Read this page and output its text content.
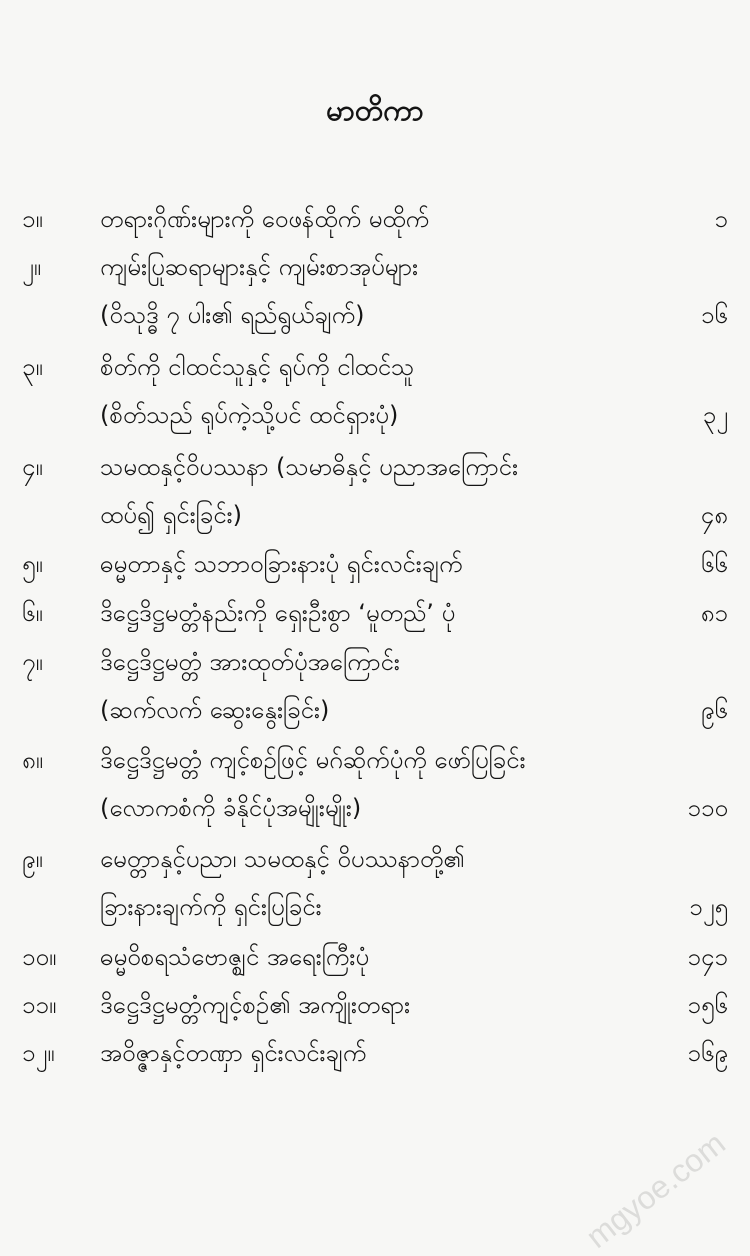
မာတိကာ
၁။	တရားဂိုဏ်းများကို ဝေဖန်ထိုက် မထိုက်	၁
၂။	ကျမ်းပြုဆရာများနှင့် ကျမ်းစာအုပ်များ
(ဝိသုဒ္ဓိ ၇ ပါး၏ ရည်ရွယ်ချက်)	၁၆
၃။	စိတ်ကို ငါထင်သူနှင့် ရုပ်ကို ငါထင်သူ
(စိတ်သည် ရုပ်ကဲ့သို့ပင် ထင်ရှားပုံ)	၃၂
၄။	သမထနှင့်ဝိပဿနာ (သမာဓိနှင့် ပညာအကြောင်း
ထပ်၍ ရှင်းခြင်း)	၄၈
၅။	ဓမ္မတာနှင့် သဘာဝခြားနားပုံ ရှင်းလင်းချက်	၆၆
၆။	ဒိဋ္ဌေဒိဋ္ဌမတ္တံနည်းကို ရှေးဦးစွာ ‘မူတည်’ ပုံ	၈၁
၇။	ဒိဋ္ဌေဒိဋ္ဌမတ္တံ အားထုတ်ပုံအကြောင်း
(ဆက်လက် ဆွေးနွေးခြင်း)	၉၆
၈။	ဒိဋ္ဌေဒိဋ္ဌမတ္တံ ကျင့်စဉ်ဖြင့် မဂ်ဆိုက်ပုံကို ဖော်ပြခြင်း
(လောကစံကို ခံနိုင်ပုံအမျိုးမျိုး)	၁၁၀
၉။	မေတ္တာနှင့်ပညာ၊ သမထနှင့် ဝိပဿနာတို့၏
ခြားနားချက်ကို ရှင်းပြခြင်း	၁၂၅
၁၀။	ဓမ္မဝိစရသံဗောဇ္ဈင် အရေးကြီးပုံ	၁၄၁
၁၁။	ဒိဋ္ဌေဒိဋ္ဌမတ္တံကျင့်စဉ်၏ အကျိုးတရား	၁၅၆
၁၂။	အဝိဇ္ဇာနှင့်တဏှာ ရှင်းလင်းချက်	၁၆၉
mgyoe.com
